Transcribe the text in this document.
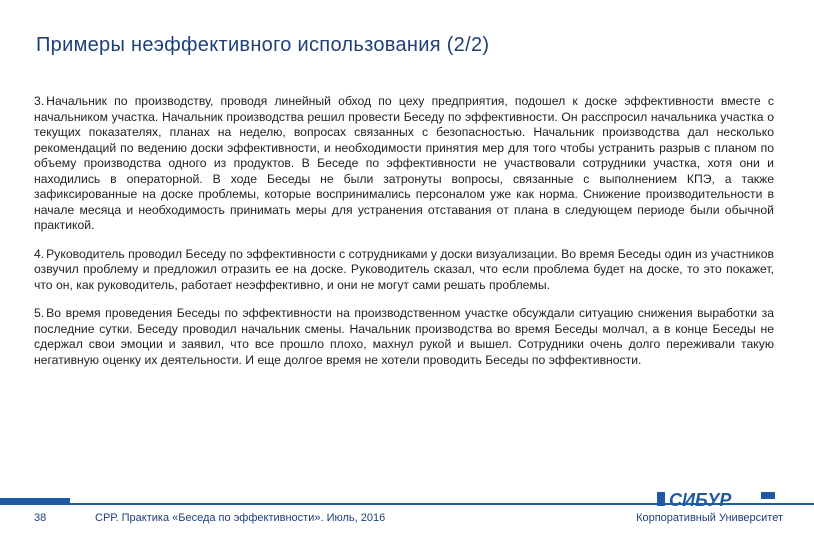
Примеры неэффективного использования (2/2)

3. Начальник по производству, проводя линейный обход по цеху предприятия, подошел к доске эффективности вместе с начальником участка. Начальник производства решил провести Беседу по эффективности. Он расспросил начальника участка о текущих показателях, планах на неделю, вопросах связанных с безопасностью. Начальник производства дал несколько рекомендаций по ведению доски эффективности, и необходимости принятия мер для того чтобы устранить разрыв с планом по объему производства одного из продуктов. В Беседе по эффективности не участвовали сотрудники участка, хотя они и находились в операторной. В ходе Беседы не были затронуты вопросы, связанные с выполнением КПЭ, а также зафиксированные на доске проблемы, которые воспринимались персоналом уже как норма. Снижение производительности в начале месяца и необходимость принимать меры для устранения отставания от плана в следующем периоде были обычной практикой.

4. Руководитель проводил Беседу по эффективности с сотрудниками у доски визуализации. Во время Беседы один из участников озвучил проблему и предложил отразить ее на доске. Руководитель сказал, что если проблема будет на доске, то это покажет, что он, как руководитель, работает неэффективно, и они не могут сами решать проблемы.

5. Во время проведения Беседы по эффективности на производственном участке обсуждали ситуацию снижения выработки за последние сутки. Беседу проводил начальник смены. Начальник производства во время Беседы молчал, а в конце Беседы не сдержал свои эмоции и заявил, что все прошло плохо, махнул рукой и вышел. Сотрудники очень долго переживали такую негативную оценку их деятельности. И еще долгое время не хотели проводить Беседы по эффективности.

38	СРР. Практика «Беседа по эффективности». Июль, 2016	Корпоративный Университет
СИБУР
